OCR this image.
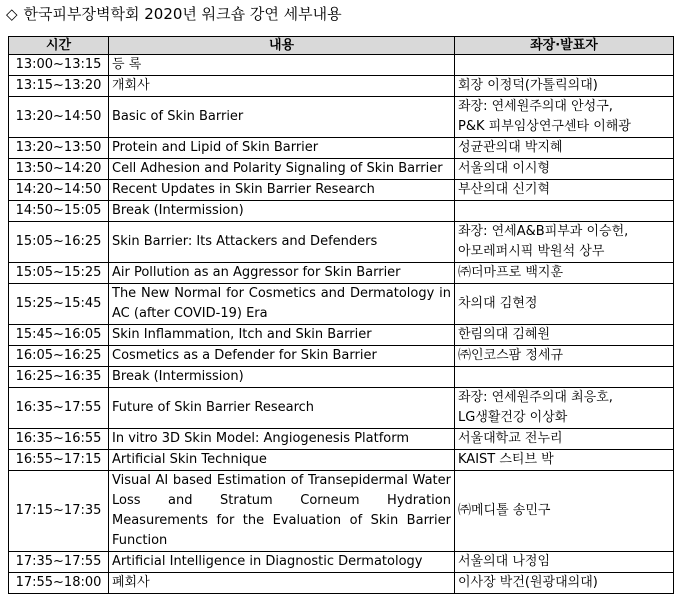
◇ 한국피부장벽학회 2020년 워크숍 강연 세부내용
시간	내용	좌장·발표자
13:00~13:15	등 록	
13:15~13:20	개회사	회장 이정덕(가톨릭의대)

13:20~14:50	Basic of Skin Barrier	좌장: 연세원주의대 안성구,
P&K 피부임상연구센타 이해광

13:20~13:50	Protein and Lipid of Skin Barrier	성균관의대 박지혜

13:50~14:20	Cell Adhesion and Polarity Signaling of Skin Barrier	서울의대 이시형

14:20~14:50	Recent Updates in Skin Barrier Research	부산의대 신기혁

14:50~15:05	Break (Intermission)	
15:05~16:25	Skin Barrier: Its Attackers and Defenders	좌장: 연세A&B피부과 이승헌,
아모레퍼시픽 박원석 상무

15:05~15:25	Air Pollution as an Aggressor for Skin Barrier	㈜더마프로 백지훈

15:25~15:45	The New Normal for Cosmetics and Dermatology in AC (after COVID-19) Era	차의대 김현정

15:45~16:05	Skin Inflammation, Itch and Skin Barrier	한림의대 김혜원

16:05~16:25	Cosmetics as a Defender for Skin Barrier	㈜인코스팜 정세규

16:25~16:35	Break (Intermission)	
16:35~17:55	Future of Skin Barrier Research	좌장: 연세원주의대 최응호,
LG생활건강 이상화

16:35~16:55	In vitro 3D Skin Model: Angiogenesis Platform	서울대학교 전누리

16:55~17:15	Artificial Skin Technique	KAIST 스티브 박

17:15~17:35	Visual AI based Estimation of Transepidermal Water Loss and Stratum Corneum Hydration Measurements for the Evaluation of Skin Barrier Function	㈜메디톨 송민구

17:35~17:55	Artificial Intelligence in Diagnostic Dermatology	서울의대 나정임

17:55~18:00	폐회사	이사장 박건(원광대의대)
